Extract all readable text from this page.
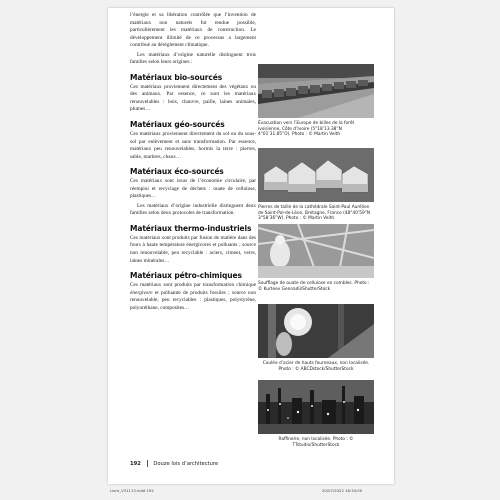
l’énergie et sa libération contrôlée que l’invention de matériaux non naturels fut rendue possible, particulièrement les matériaux de construction. Le développement illimité de ce processus a largement contribué au dérèglement climatique.

Les matériaux d’origine naturelle distinguent trois familles selon leurs origines :

Matériaux bio-sourcés

Ces matériaux proviennent directement des végétaux ou des animaux. Par essence, ce sont les matériaux renouvelables : bois, chanvre, paille, laines animales, plumes…

Matériaux géo-sourcés

Ces matériaux proviennent directement du sol ou du sous-sol par enlèvement et sans transformation. Par essence, matériaux peu renouvelables, hormis la terre : pierres, sable, marbres, chaux…

Matériaux éco-sourcés

Ces matériaux sont issus de l’économie circulaire, par réemploi et recyclage de déchets : ouate de cellulose, plastiques…

Les matériaux d’origine industrielle distinguent deux familles selon deux protocoles de transformation.

Matériaux thermo-industriels

Ces matériaux sont produits par fusion de matière dans des fours à haute température énergivores et polluants ; source non renouvelable, peu recyclable : aciers, ciment, verre, laines minérales…

Matériaux pétro-chimiques

Ces matériaux sont produits par transformation chimique énergivore et polluante de produits fossiles ; source non renouvelable, peu recyclables : plastiques, polystyrène, polyuréthane, composites…

Évacuation vers l’Europe de billes de la forêt ivoirienne, Côte d’Ivoire (5°18’13.38”N 4°01’31.85”O). Photo : © Martin Veith
Pierres de taille de la cathédrale Saint-Paul Aurélien de Saint-Pol-de-Léon, Bretagne, France (48°40’59”N 3°58’36”W). Photo : © Martin Veith
Soufflage de ouate de cellulose en combles. Photo : © Kurteev Gennadii/ShutterStock
Coulée d’acier de hauts fourneaux, non localisée. Photo : © ABCDstock/ShutterStock
Raffinerie, non localisée. Photo : © TTstudio/ShutterStock
192 Douze lois d’architecture
Livre_V31113.indd 192	20/07/2022 18:34:00
